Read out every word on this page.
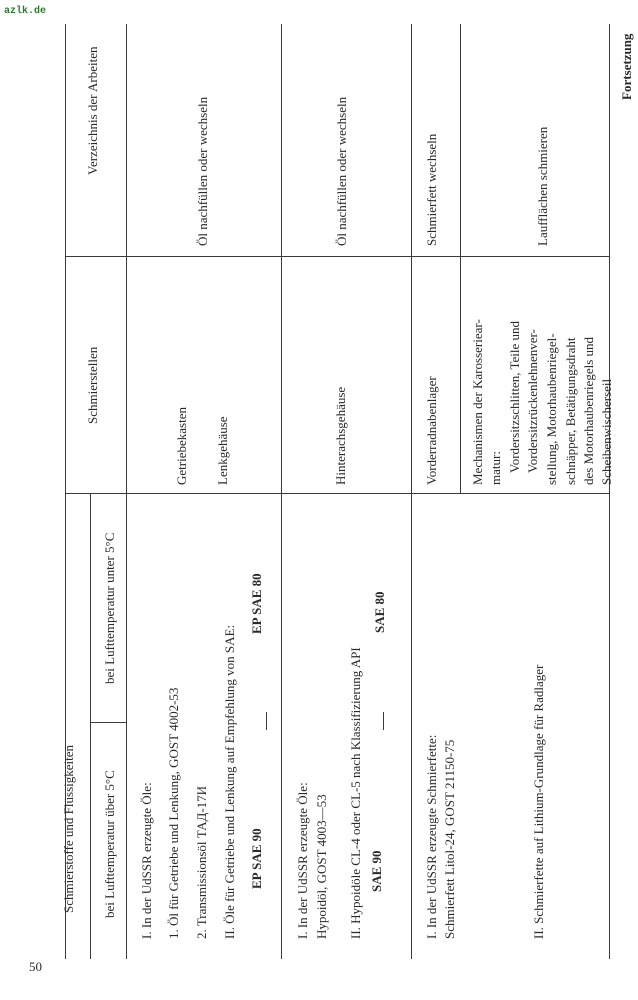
azlk.de
50
Fortsetzung
Schmierstoffe und Flüssigkeiten bei Lufttemperatur über 5°C
bei Lufttemperatur unter 5°C
Schmierstellen
Verzeichnis der Arbeiten
I. In der UdSSR erzeugte Öle: 1. Öl für Getriebe und Lenkung, GOST 4002-53 2. Transmissionsöl ТАД-17И II. Öle für Getriebe und Lenkung auf Empfehlung von SAE: EP SAE 90
EP SAE 80
Getriebekasten Lenkgehäuse
Öl nachfüllen oder wechseln
I. In der UdSSR erzeugte Öle: Hypoidöl, GOST 4003—53 II. Hypoidöle CL-4 oder CL-5 nach Klassifizierung API SAE 90
SAE 80
Hinterachsgehäuse
Öl nachfüllen oder wechseln
I. In der UdSSR erzeugte Schmierfette: Schmierfett Litol-24, GOST 21150-75	II. Schmierfette auf Lithium-Grundlage für Radlager
Vorderradnabenlager Mechanismen der Karosseriear- matur: Vordersitzschlitten, Teile und Vordersitzrückenlehnenver- stellung, Motorhaubenriegel- schnäpper, Betätigungsdraht des Motorhaubenriegels und Scheibenwischerseil
Schmierfett wechseln	Laufflächen schmieren
